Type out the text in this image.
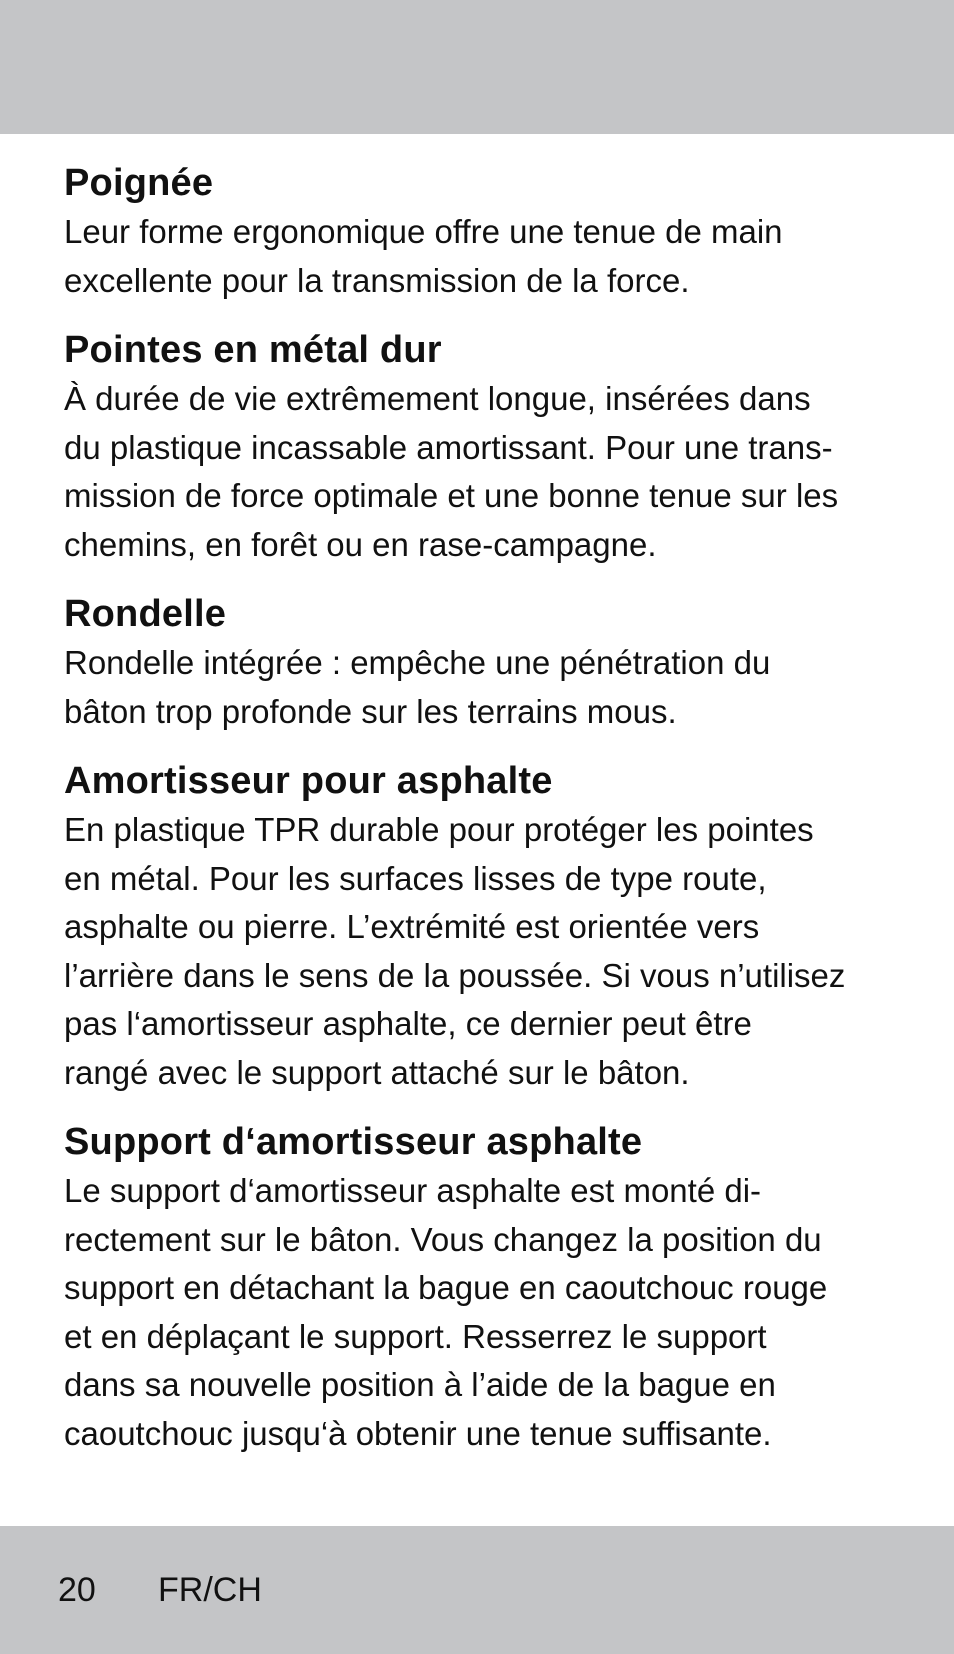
Poignée

Leur forme ergonomique offre une tenue de main
excellente pour la transmission de la force.

Pointes en métal dur

À durée de vie extrêmement longue, insérées dans
du plastique incassable amortissant. Pour une trans-
mission de force optimale et une bonne tenue sur les
chemins, en forêt ou en rase-campagne.

Rondelle

Rondelle intégrée : empêche une pénétration du
bâton trop profonde sur les terrains mous.

Amortisseur pour asphalte

En plastique TPR durable pour protéger les pointes
en métal. Pour les surfaces lisses de type route,
asphalte ou pierre. L’extrémité est orientée vers
l’arrière dans le sens de la poussée. Si vous n’utilisez
pas l‘amortisseur asphalte, ce dernier peut être
rangé avec le support attaché sur le bâton.

Support d‘amortisseur asphalte

Le support d‘amortisseur asphalte est monté di-
rectement sur le bâton. Vous changez la position du
support en détachant la bague en caoutchouc rouge
et en déplaçant le support. Resserrez le support
dans sa nouvelle position à l’aide de la bague en
caoutchouc jusqu‘à obtenir une tenue suffisante.

20 FR/CH
